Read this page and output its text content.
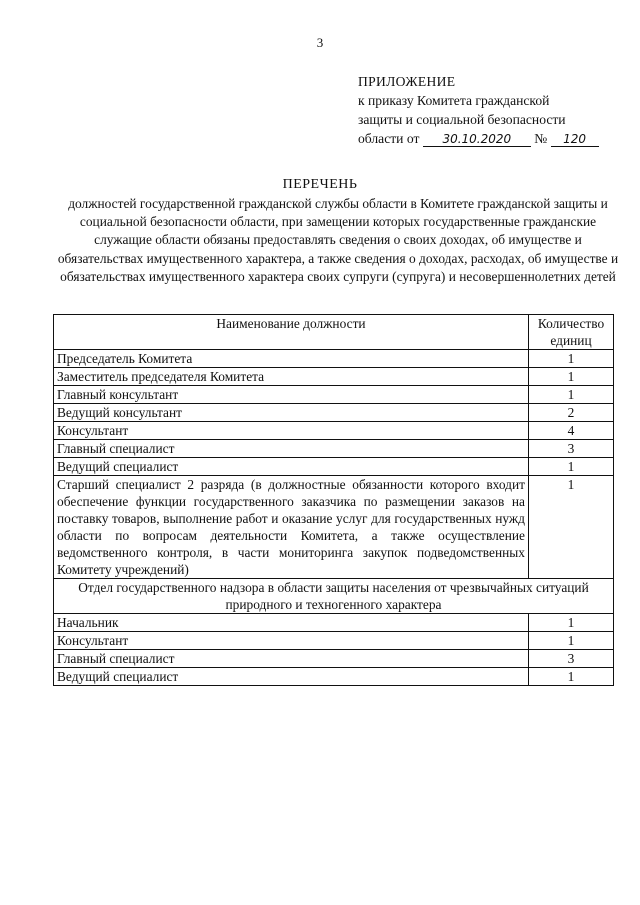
3
ПРИЛОЖЕНИЕ
к приказу Комитета гражданской
защиты и социальной безопасности
области от 30.10.2020 № 120
ПЕРЕЧЕНЬ
должностей государственной гражданской службы области в Комитете гражданской защиты и социальной безопасности области, при замещении которых государственные гражданские служащие области обязаны предоставлять сведения о своих доходах, об имуществе и обязательствах имущественного характера, а также сведения о доходах, расходах, об имуществе и обязательствах имущественного характера своих супруги (супруга) и несовершеннолетних детей
Наименование должности	Количество единиц
Председатель Комитета	1
Заместитель председателя Комитета	1
Главный консультант	1
Ведущий консультант	2
Консультант	4
Главный специалист	3
Ведущий специалист	1
Старший специалист 2 разряда (в должностные обязанности которого входит обеспечение функции государственного заказчика по размещении заказов на поставку товаров, выполнение работ и оказание услуг для государственных нужд области по вопросам деятельности Комитета, а также осуществление ведомственного контроля, в части мониторинга закупок подведомственных Комитету учреждений)	1
Отдел государственного надзора в области защиты населения от чрезвычайных ситуаций природного и техногенного характера	
Начальник	1
Консультант	1
Главный специалист	3
Ведущий специалист	1
